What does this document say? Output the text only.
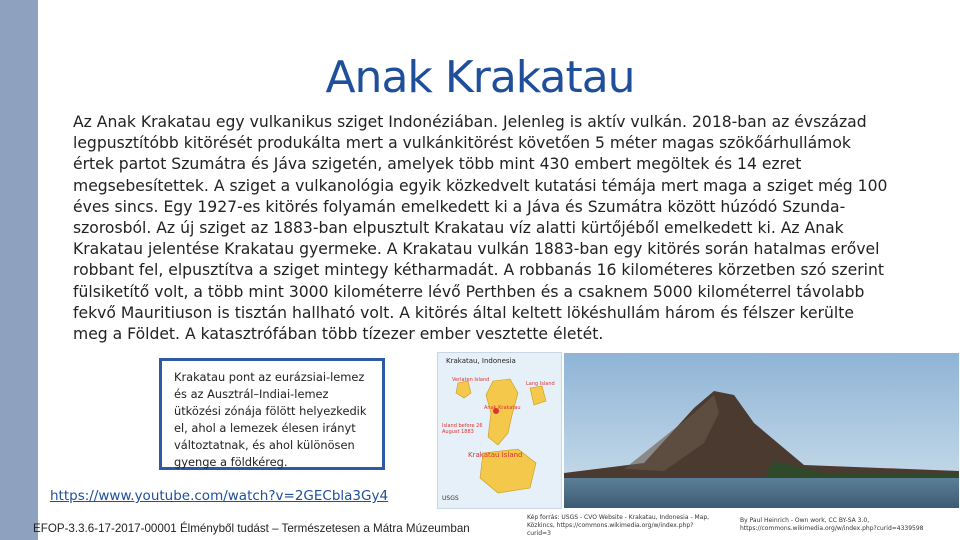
Anak Krakatau

Az Anak Krakatau egy vulkanikus sziget Indonéziában. Jelenleg is aktív vulkán. 2018-ban az évszázad legpusztítóbb kitörését produkálta mert a vulkánkitörést követően 5 méter magas szökőárhullámok értek partot Szumátra és Jáva szigetén, amelyek több mint 430 embert megöltek és 14 ezret megsebesítettek. A sziget a vulkanológia egyik közkedvelt kutatási témája mert maga a sziget még 100 éves sincs. Egy 1927-es kitörés folyamán emelkedett ki a Jáva és Szumátra között húzódó Szunda-szorosból. Az új sziget az 1883-ban elpusztult Krakatau víz alatti kürtőjéből emelkedett ki. Az Anak Krakatau jelentése Krakatau gyermeke. A Krakatau vulkán 1883-ban egy kitörés során hatalmas erővel robbant fel, elpusztítva a sziget mintegy kétharmadát. A robbanás 16 kilométeres körzetben szó szerint fülsiketítő volt, a több mint 3000 kilométerre lévő Perthben és a csaknem 5000 kilométerrel távolabb fekvő Mauritiuson is tisztán hallható volt. A kitörés által keltett lökéshullám három és félszer kerülte meg a Földet. A katasztrófában több tízezer ember vesztette életét.

Krakatau pont az eurázsiai-lemez és az Ausztrál–Indiai-lemez ütközési zónája fölött helyezkedik el, ahol a lemezek élesen irányt változtatnak, és ahol különösen gyenge a földkéreg.
Krakatau, Indonesia
Verlaten Island
Lang Island
Anak Krakatau
Island before 26 August 1883
Krakatau Island
USGS
https://www.youtube.com/watch?v=2GECbla3Gy4
EFOP-3.3.6-17-2017-00001 Élményből tudást – Természetesen a Mátra Múzeumban
Kép forrás: USGS - CVO Website - Krakatau, Indonesia - Map, Közkincs, https://commons.wikimedia.org/w/index.php?curid=3
By Paul Heinrich - Own work, CC BY-SA 3.0, https://commons.wikimedia.org/w/index.php?curid=4339598
